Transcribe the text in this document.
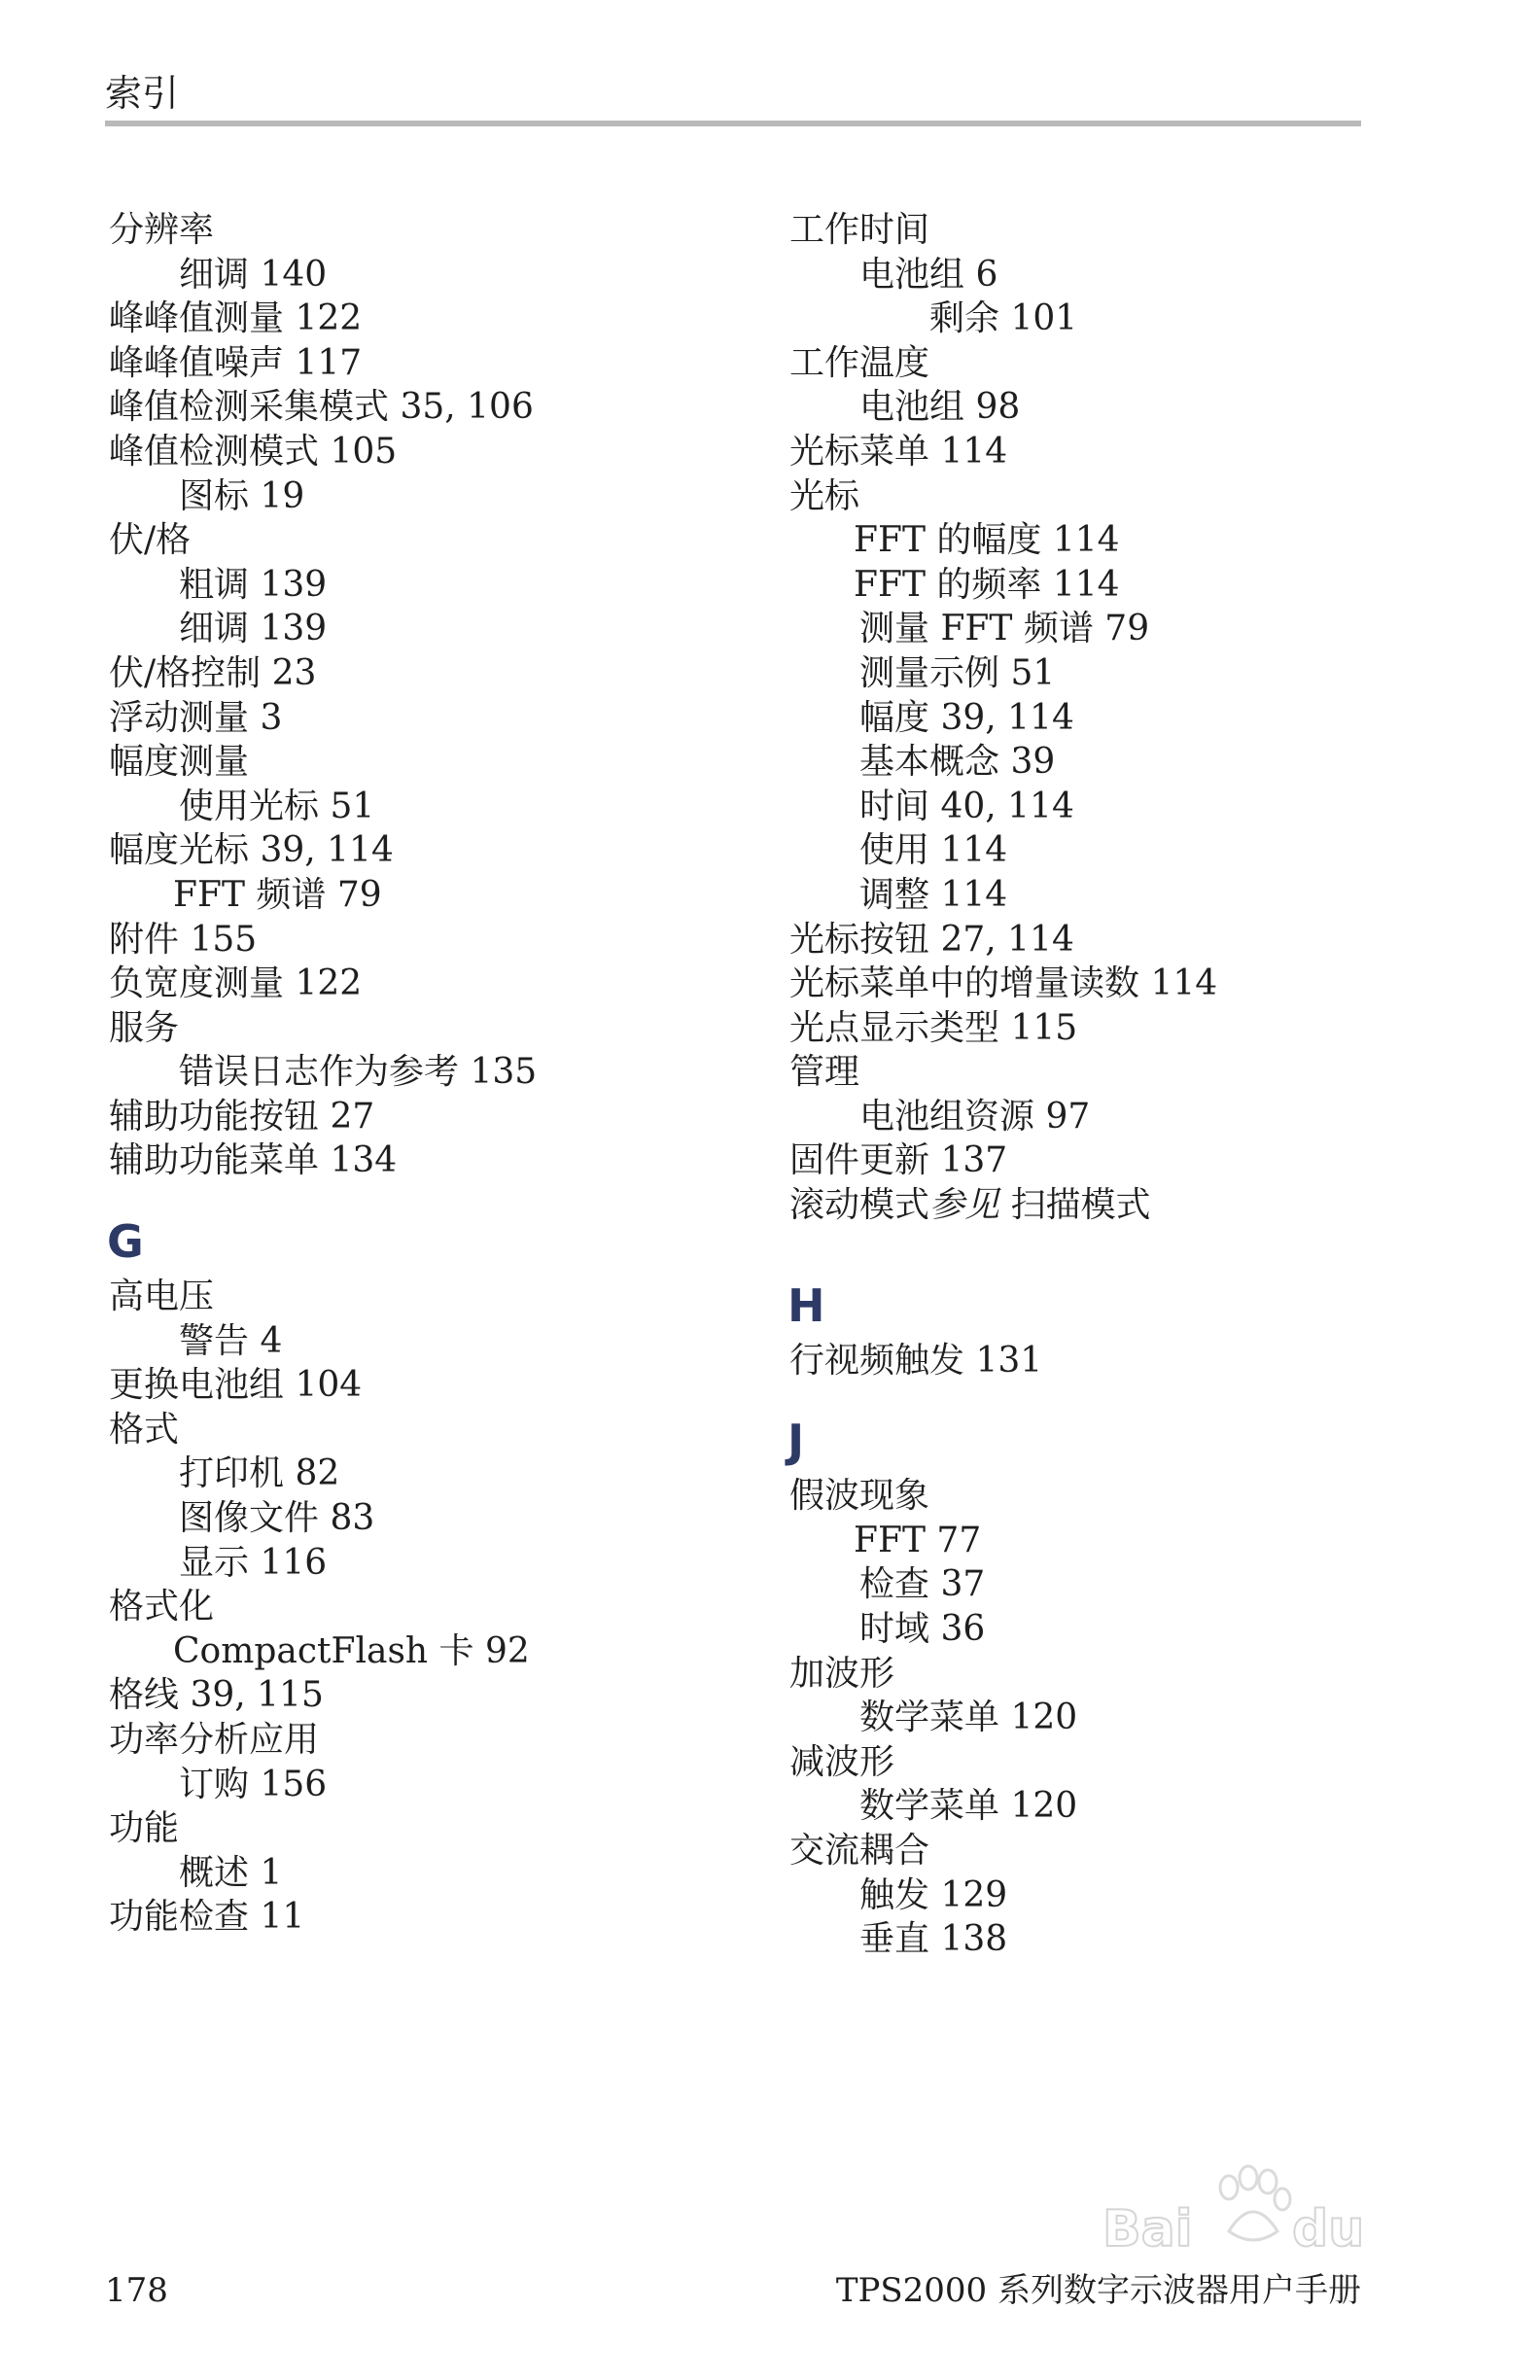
索引
分辨率
细调 140
峰峰值测量 122
峰峰值噪声 117
峰值检测采集模式 35, 106
峰值检测模式 105
图标 19
伏/格
粗调 139
细调 139
伏/格控制 23
浮动测量 3
幅度测量
使用光标 51
幅度光标 39, 114
FFT 频谱 79
附件 155
负宽度测量 122
服务
错误日志作为参考 135
辅助功能按钮 27
辅助功能菜单 134
G
高电压
警告 4
更换电池组 104
格式
打印机 82
图像文件 83
显示 116
格式化
CompactFlash 卡 92
格线 39, 115
功率分析应用
订购 156
功能
概述 1
功能检查 11
工作时间
电池组 6
剩余 101
工作温度
电池组 98
光标菜单 114
光标
FFT 的幅度 114
FFT 的频率 114
测量 FFT 频谱 79
测量示例 51
幅度 39, 114
基本概念 39
时间 40, 114
使用 114
调整 114
光标按钮 27, 114
光标菜单中的增量读数 114
光点显示类型 115
管理
电池组资源 97
固件更新 137
滚动模式参见 扫描模式
H
行视频触发 131
J
假波现象
FFT 77
检查 37
时域 36
加波形
数学菜单 120
减波形
数学菜单 120
交流耦合
触发 129
垂直 138
178	TPS2000 系列数字示波器用户手册
Bai du
